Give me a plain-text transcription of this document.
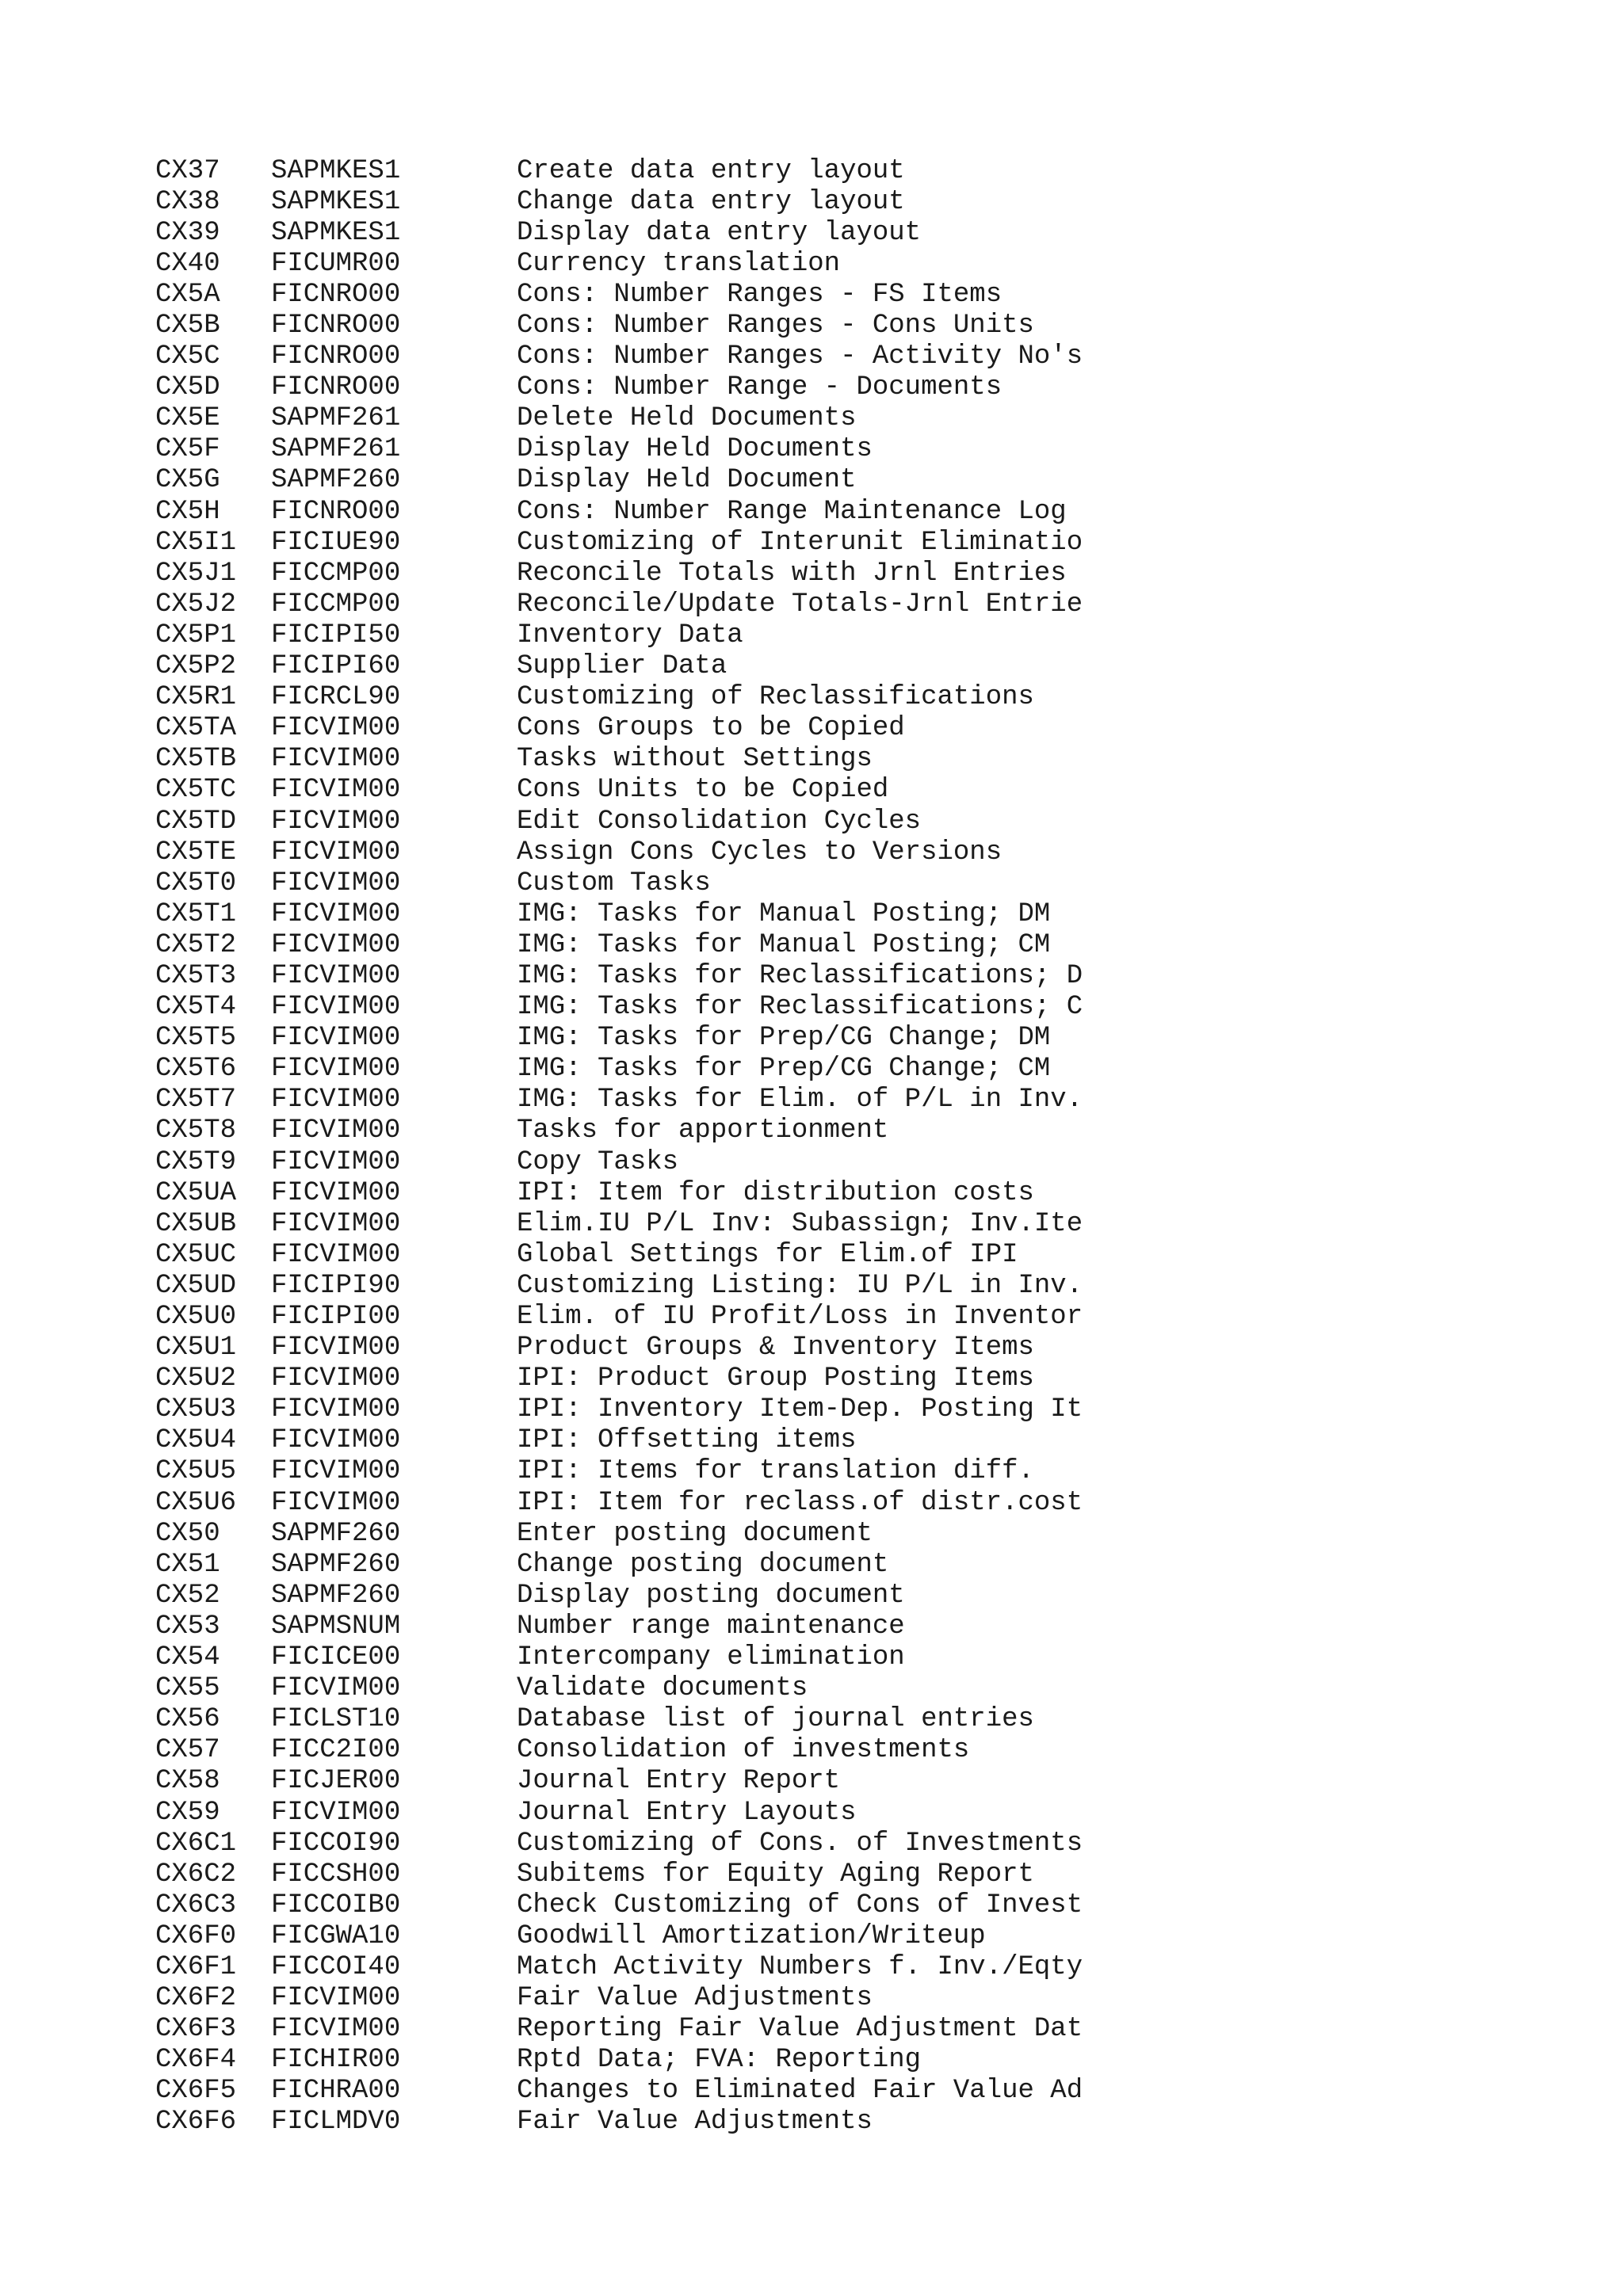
CX37	SAPMKES1	Create data entry layout
CX38	SAPMKES1	Change data entry layout
CX39	SAPMKES1	Display data entry layout
CX40	FICUMR00	Currency translation
CX5A	FICNRO00	Cons: Number Ranges - FS Items
CX5B	FICNRO00	Cons: Number Ranges - Cons Units
CX5C	FICNRO00	Cons: Number Ranges - Activity No's
CX5D	FICNRO00	Cons: Number Range - Documents
CX5E	SAPMF261	Delete Held Documents
CX5F	SAPMF261	Display Held Documents
CX5G	SAPMF260	Display Held Document
CX5H	FICNRO00	Cons: Number Range Maintenance Log
CX5I1	FICIUE90	Customizing of Interunit Eliminatio
CX5J1	FICCMP00	Reconcile Totals with Jrnl Entries
CX5J2	FICCMP00	Reconcile/Update Totals-Jrnl Entrie
CX5P1	FICIPI50	Inventory Data
CX5P2	FICIPI60	Supplier Data
CX5R1	FICRCL90	Customizing of Reclassifications
CX5TA	FICVIM00	Cons Groups to be Copied
CX5TB	FICVIM00	Tasks without Settings
CX5TC	FICVIM00	Cons Units to be Copied
CX5TD	FICVIM00	Edit Consolidation Cycles
CX5TE	FICVIM00	Assign Cons Cycles to Versions
CX5T0	FICVIM00	Custom Tasks
CX5T1	FICVIM00	IMG: Tasks for Manual Posting; DM
CX5T2	FICVIM00	IMG: Tasks for Manual Posting; CM
CX5T3	FICVIM00	IMG: Tasks for Reclassifications; D
CX5T4	FICVIM00	IMG: Tasks for Reclassifications; C
CX5T5	FICVIM00	IMG: Tasks for Prep/CG Change; DM
CX5T6	FICVIM00	IMG: Tasks for Prep/CG Change; CM
CX5T7	FICVIM00	IMG: Tasks for Elim. of P/L in Inv.
CX5T8	FICVIM00	Tasks for apportionment
CX5T9	FICVIM00	Copy Tasks
CX5UA	FICVIM00	IPI: Item for distribution costs
CX5UB	FICVIM00	Elim.IU P/L Inv: Subassign; Inv.Ite
CX5UC	FICVIM00	Global Settings for Elim.of IPI
CX5UD	FICIPI90	Customizing Listing: IU P/L in Inv.
CX5U0	FICIPI00	Elim. of IU Profit/Loss in Inventor
CX5U1	FICVIM00	Product Groups & Inventory Items
CX5U2	FICVIM00	IPI: Product Group Posting Items
CX5U3	FICVIM00	IPI: Inventory Item-Dep. Posting It
CX5U4	FICVIM00	IPI: Offsetting items
CX5U5	FICVIM00	IPI: Items for translation diff.
CX5U6	FICVIM00	IPI: Item for reclass.of distr.cost
CX50	SAPMF260	Enter posting document
CX51	SAPMF260	Change posting document
CX52	SAPMF260	Display posting document
CX53	SAPMSNUM	Number range maintenance
CX54	FICICE00	Intercompany elimination
CX55	FICVIM00	Validate documents
CX56	FICLST10	Database list of journal entries
CX57	FICC2I00	Consolidation of investments
CX58	FICJER00	Journal Entry Report
CX59	FICVIM00	Journal Entry Layouts
CX6C1	FICCOI90	Customizing of Cons. of Investments
CX6C2	FICCSH00	Subitems for Equity Aging Report
CX6C3	FICCOIB0	Check Customizing of Cons of Invest
CX6F0	FICGWA10	Goodwill Amortization/Writeup
CX6F1	FICCOI40	Match Activity Numbers f. Inv./Eqty
CX6F2	FICVIM00	Fair Value Adjustments
CX6F3	FICVIM00	Reporting Fair Value Adjustment Dat
CX6F4	FICHIR00	Rptd Data; FVA: Reporting
CX6F5	FICHRA00	Changes to Eliminated Fair Value Ad
CX6F6	FICLMDV0	Fair Value Adjustments
